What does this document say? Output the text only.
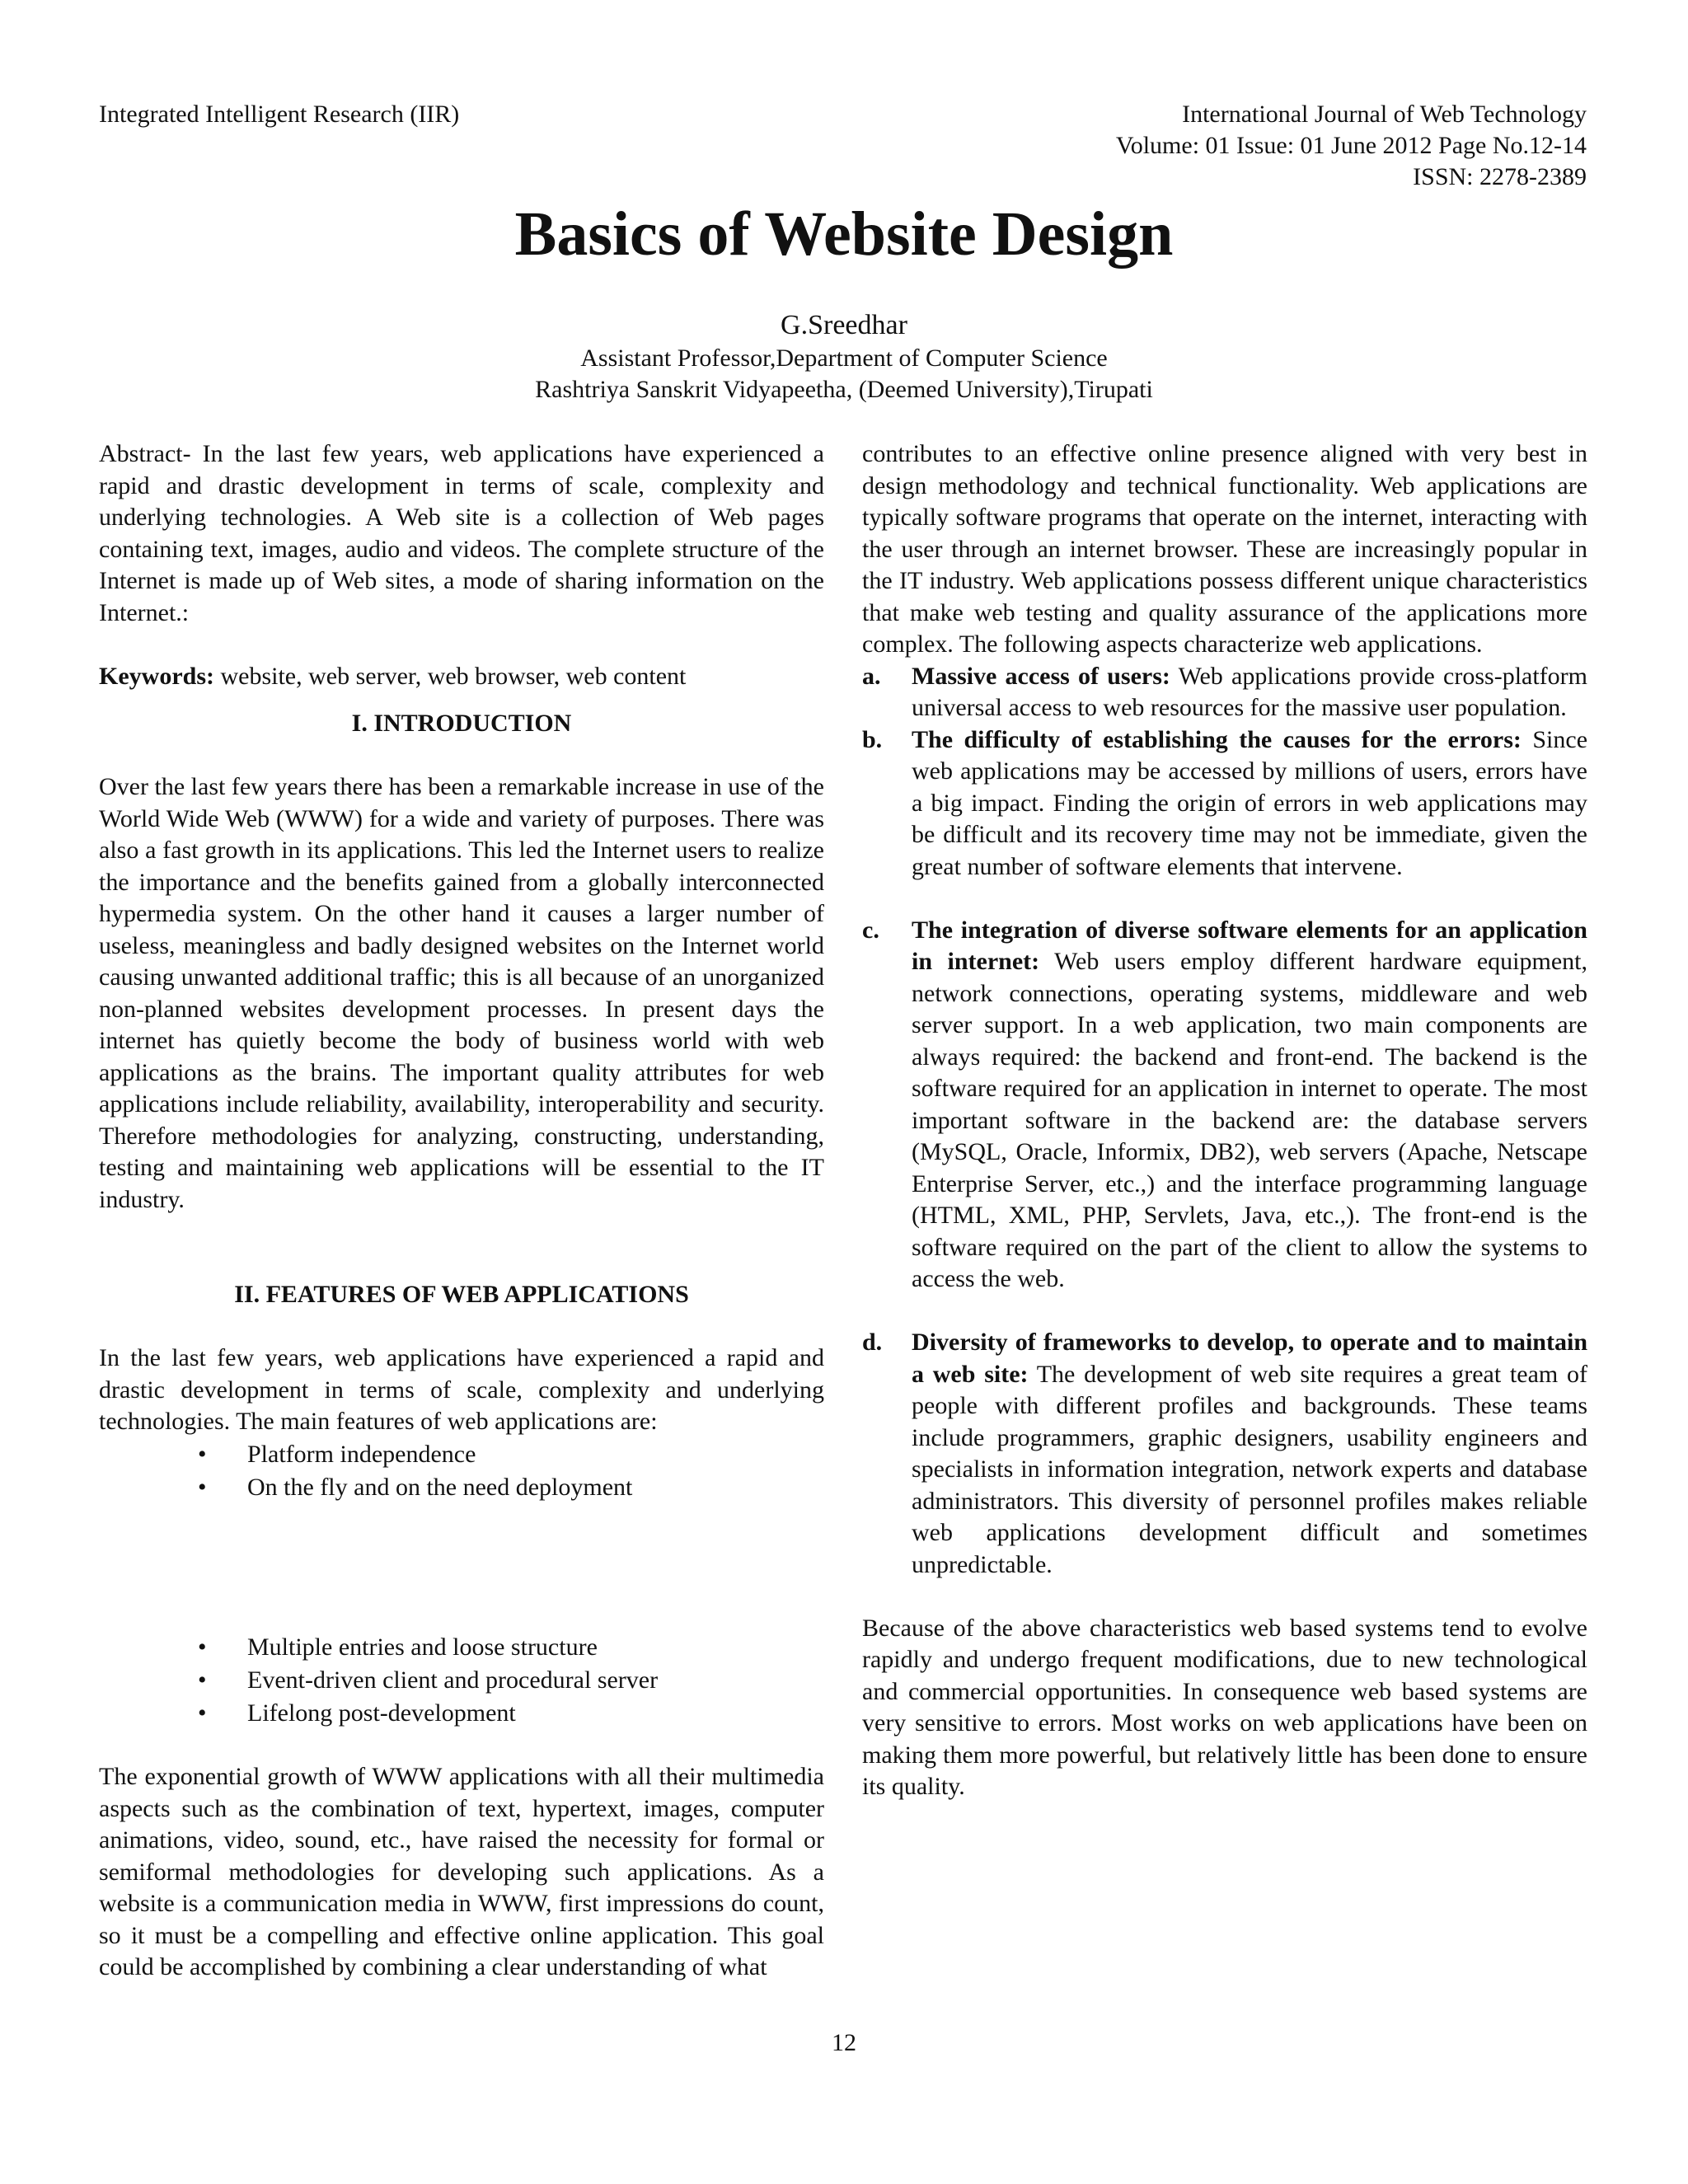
Integrated Intelligent Research (IIR)	International Journal of Web Technology
Volume: 01 Issue: 01 June 2012 Page No.12-14
ISSN: 2278-2389
Basics of Website Design
G.Sreedhar
Assistant Professor,Department of Computer Science
Rashtriya Sanskrit Vidyapeetha, (Deemed University),Tirupati

Abstract- In the last few years, web applications have experienced a rapid and drastic development in terms of scale, complexity and underlying technologies. A Web site is a collection of Web pages containing text, images, audio and videos. The complete structure of the Internet is made up of Web sites, a mode of sharing information on the Internet.:

Keywords: website, web server, web browser, web content

I. INTRODUCTION

Over the last few years there has been a remarkable increase in use of the World Wide Web (WWW) for a wide and variety of purposes. There was also a fast growth in its applications. This led the Internet users to realize the importance and the benefits gained from a globally interconnected hypermedia system. On the other hand it causes a larger number of useless, meaningless and badly designed websites on the Internet world causing unwanted additional traffic; this is all because of an unorganized non-planned websites development processes. In present days the internet has quietly become the body of business world with web applications as the brains. The important quality attributes for web applications include reliability, availability, interoperability and security. Therefore methodologies for analyzing, constructing, understanding, testing and maintaining web applications will be essential to the IT industry.

II. FEATURES OF WEB APPLICATIONS

In the last few years, web applications have experienced a rapid and drastic development in terms of scale, complexity and underlying technologies. The main features of web applications are:

• Platform independence
• On the fly and on the need deployment
• Multiple entries and loose structure
• Event-driven client and procedural server
• Lifelong post-development

The exponential growth of WWW applications with all their multimedia aspects such as the combination of text, hypertext, images, computer animations, video, sound, etc., have raised the necessity for formal or semiformal methodologies for developing such applications. As a website is a communication media in WWW, first impressions do count, so it must be a compelling and effective online application. This goal could be accomplished by combining a clear understanding of what

contributes to an effective online presence aligned with very best in design methodology and technical functionality. Web applications are typically software programs that operate on the internet, interacting with the user through an internet browser. These are increasingly popular in the IT industry. Web applications possess different unique characteristics that make web testing and quality assurance of the applications more complex. The following aspects characterize web applications.

a. Massive access of users: Web applications provide cross-platform universal access to web resources for the massive user population.
b. The difficulty of establishing the causes for the errors: Since web applications may be accessed by millions of users, errors have a big impact. Finding the origin of errors in web applications may be difficult and its recovery time may not be immediate, given the great number of software elements that intervene.
c. The integration of diverse software elements for an application in internet: Web users employ different hardware equipment, network connections, operating systems, middleware and web server support. In a web application, two main components are always required: the backend and front-end. The backend is the software required for an application in internet to operate. The most important software in the backend are: the database servers (MySQL, Oracle, Informix, DB2), web servers (Apache, Netscape Enterprise Server, etc.,) and the interface programming language (HTML, XML, PHP, Servlets, Java, etc.,). The front-end is the software required on the part of the client to allow the systems to access the web.
d. Diversity of frameworks to develop, to operate and to maintain a web site: The development of web site requires a great team of people with different profiles and backgrounds. These teams include programmers, graphic designers, usability engineers and specialists in information integration, network experts and database administrators. This diversity of personnel profiles makes reliable web applications development difficult and sometimes unpredictable.

Because of the above characteristics web based systems tend to evolve rapidly and undergo frequent modifications, due to new technological and commercial opportunities. In consequence web based systems are very sensitive to errors. Most works on web applications have been on making them more powerful, but relatively little has been done to ensure its quality.

12
